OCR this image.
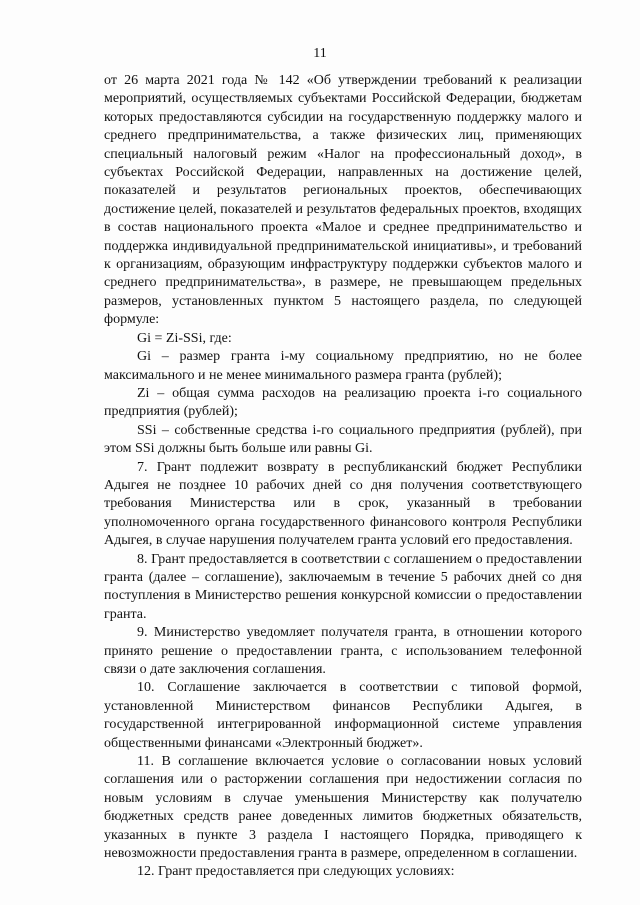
11

от 26 марта 2021 года № 142 «Об утверждении требований к реализации мероприятий, осуществляемых субъектами Российской Федерации, бюджетам которых предоставляются субсидии на государственную поддержку малого и среднего предпринимательства, а также физических лиц, применяющих специальный налоговый режим «Налог на профессиональный доход», в субъектах Российской Федерации, направленных на достижение целей, показателей и результатов региональных проектов, обеспечивающих достижение целей, показателей и результатов федеральных проектов, входящих в состав национального проекта «Малое и среднее предпринимательство и поддержка индивидуальной предпринимательской инициативы», и требований к организациям, образующим инфраструктуру поддержки субъектов малого и среднего предпринимательства», в размере, не превышающем предельных размеров, установленных пунктом 5 настоящего раздела, по следующей формуле:

Gi = Zi-SSi, где:

Gi – размер гранта i-му социальному предприятию, но не более максимального и не менее минимального размера гранта (рублей);

Zi – общая сумма расходов на реализацию проекта i-го социального предприятия (рублей);

SSi – собственные средства i-го социального предприятия (рублей), при этом SSi должны быть больше или равны Gi.

7. Грант подлежит возврату в республиканский бюджет Республики Адыгея не позднее 10 рабочих дней со дня получения соответствующего требования Министерства или в срок, указанный в требовании уполномоченного органа государственного финансового контроля Республики Адыгея, в случае нарушения получателем гранта условий его предоставления.

8. Грант предоставляется в соответствии с соглашением о предоставлении гранта (далее – соглашение), заключаемым в течение 5 рабочих дней со дня поступления в Министерство решения конкурсной комиссии о предоставлении гранта.

9. Министерство уведомляет получателя гранта, в отношении которого принято решение о предоставлении гранта, с использованием телефонной связи о дате заключения соглашения.

10. Соглашение заключается в соответствии с типовой формой, установленной Министерством финансов Республики Адыгея, в государственной интегрированной информационной системе управления общественными финансами «Электронный бюджет».

11. В соглашение включается условие о согласовании новых условий соглашения или о расторжении соглашения при недостижении согласия по новым условиям в случае уменьшения Министерству как получателю бюджетных средств ранее доведенных лимитов бюджетных обязательств, указанных в пункте 3 раздела I настоящего Порядка, приводящего к невозможности предоставления гранта в размере, определенном в соглашении.

12. Грант предоставляется при следующих условиях:
